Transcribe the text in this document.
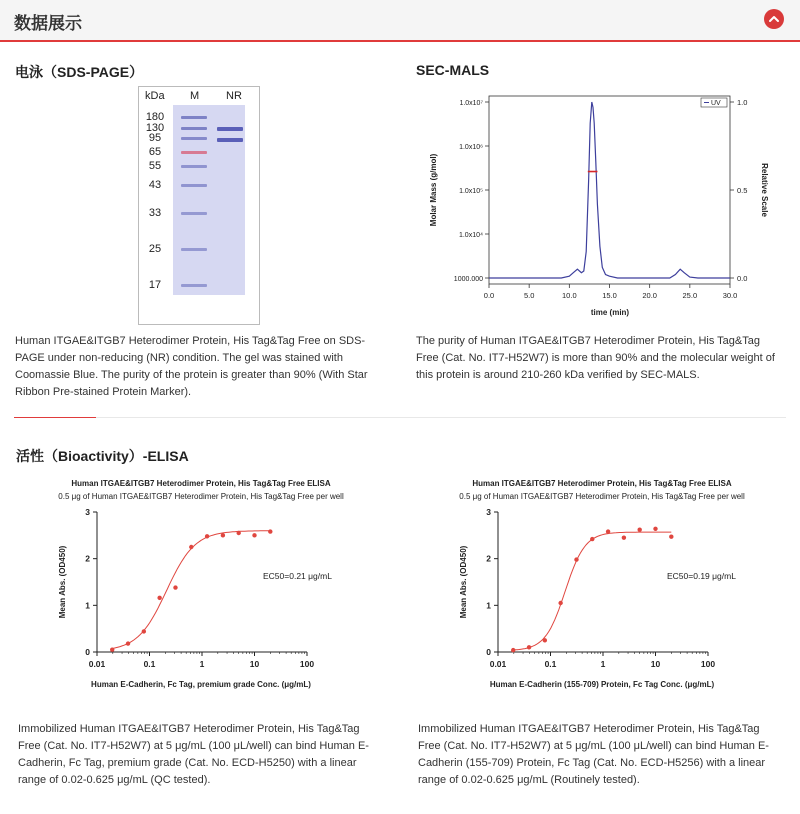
数据展示
电泳（SDS-PAGE）
kDa M NR
180
130
95
65
55
43
33
25
17
Human ITGAE&ITGB7 Heterodimer Protein, His Tag&Tag Free on SDS-
PAGE under non-reducing (NR) condition. The gel was stained with
Coomassie Blue. The purity of the protein is greater than 90% (With Star
Ribbon Pre-stained Protein Marker).
SEC-MALS
0.0	5.0	10.0	15.0	20.0	25.0	30.0
1000.000
1.0x10⁴
1.0x10⁵
1.0x10⁶
1.0x10⁷
0.0
0.5
1.0
UV
time (min)
Molar Mass (g/mol)	Relative Scale
The purity of Human ITGAE&ITGB7 Heterodimer Protein, His Tag&Tag
Free (Cat. No. IT7-H52W7) is more than 90% and the molecular weight of
this protein is around 210-260 kDa verified by SEC-MALS.
活性（Bioactivity）-ELISA
Human ITGAE&ITGB7 Heterodimer Protein, His Tag&Tag Free ELISA
0.5 μg of Human ITGAE&ITGB7 Heterodimer Protein, His Tag&Tag Free per well
0
1
2
3
0.01	0.1	1	10	100
EC50=0.21 μg/mL
Human E-Cadherin, Fc Tag, premium grade Conc. (μg/mL)
Mean Abs. (OD450)
Human ITGAE&ITGB7 Heterodimer Protein, His Tag&Tag Free ELISA
0.5 μg of Human ITGAE&ITGB7 Heterodimer Protein, His Tag&Tag Free per well
0
1
2
3
0.01	0.1	1	10	100
EC50=0.19 μg/mL
Human E-Cadherin (155-709) Protein, Fc Tag Conc. (μg/mL)
Mean Abs. (OD450)
Immobilized Human ITGAE&ITGB7 Heterodimer Protein, His Tag&Tag
Free (Cat. No. IT7-H52W7) at 5 μg/mL (100 μL/well) can bind Human E-
Cadherin, Fc Tag, premium grade (Cat. No. ECD-H5250) with a linear
range of 0.02-0.625 μg/mL (QC tested).
Immobilized Human ITGAE&ITGB7 Heterodimer Protein, His Tag&Tag
Free (Cat. No. IT7-H52W7) at 5 μg/mL (100 μL/well) can bind Human E-
Cadherin (155-709) Protein, Fc Tag (Cat. No. ECD-H5256) with a linear
range of 0.02-0.625 μg/mL (Routinely tested).
